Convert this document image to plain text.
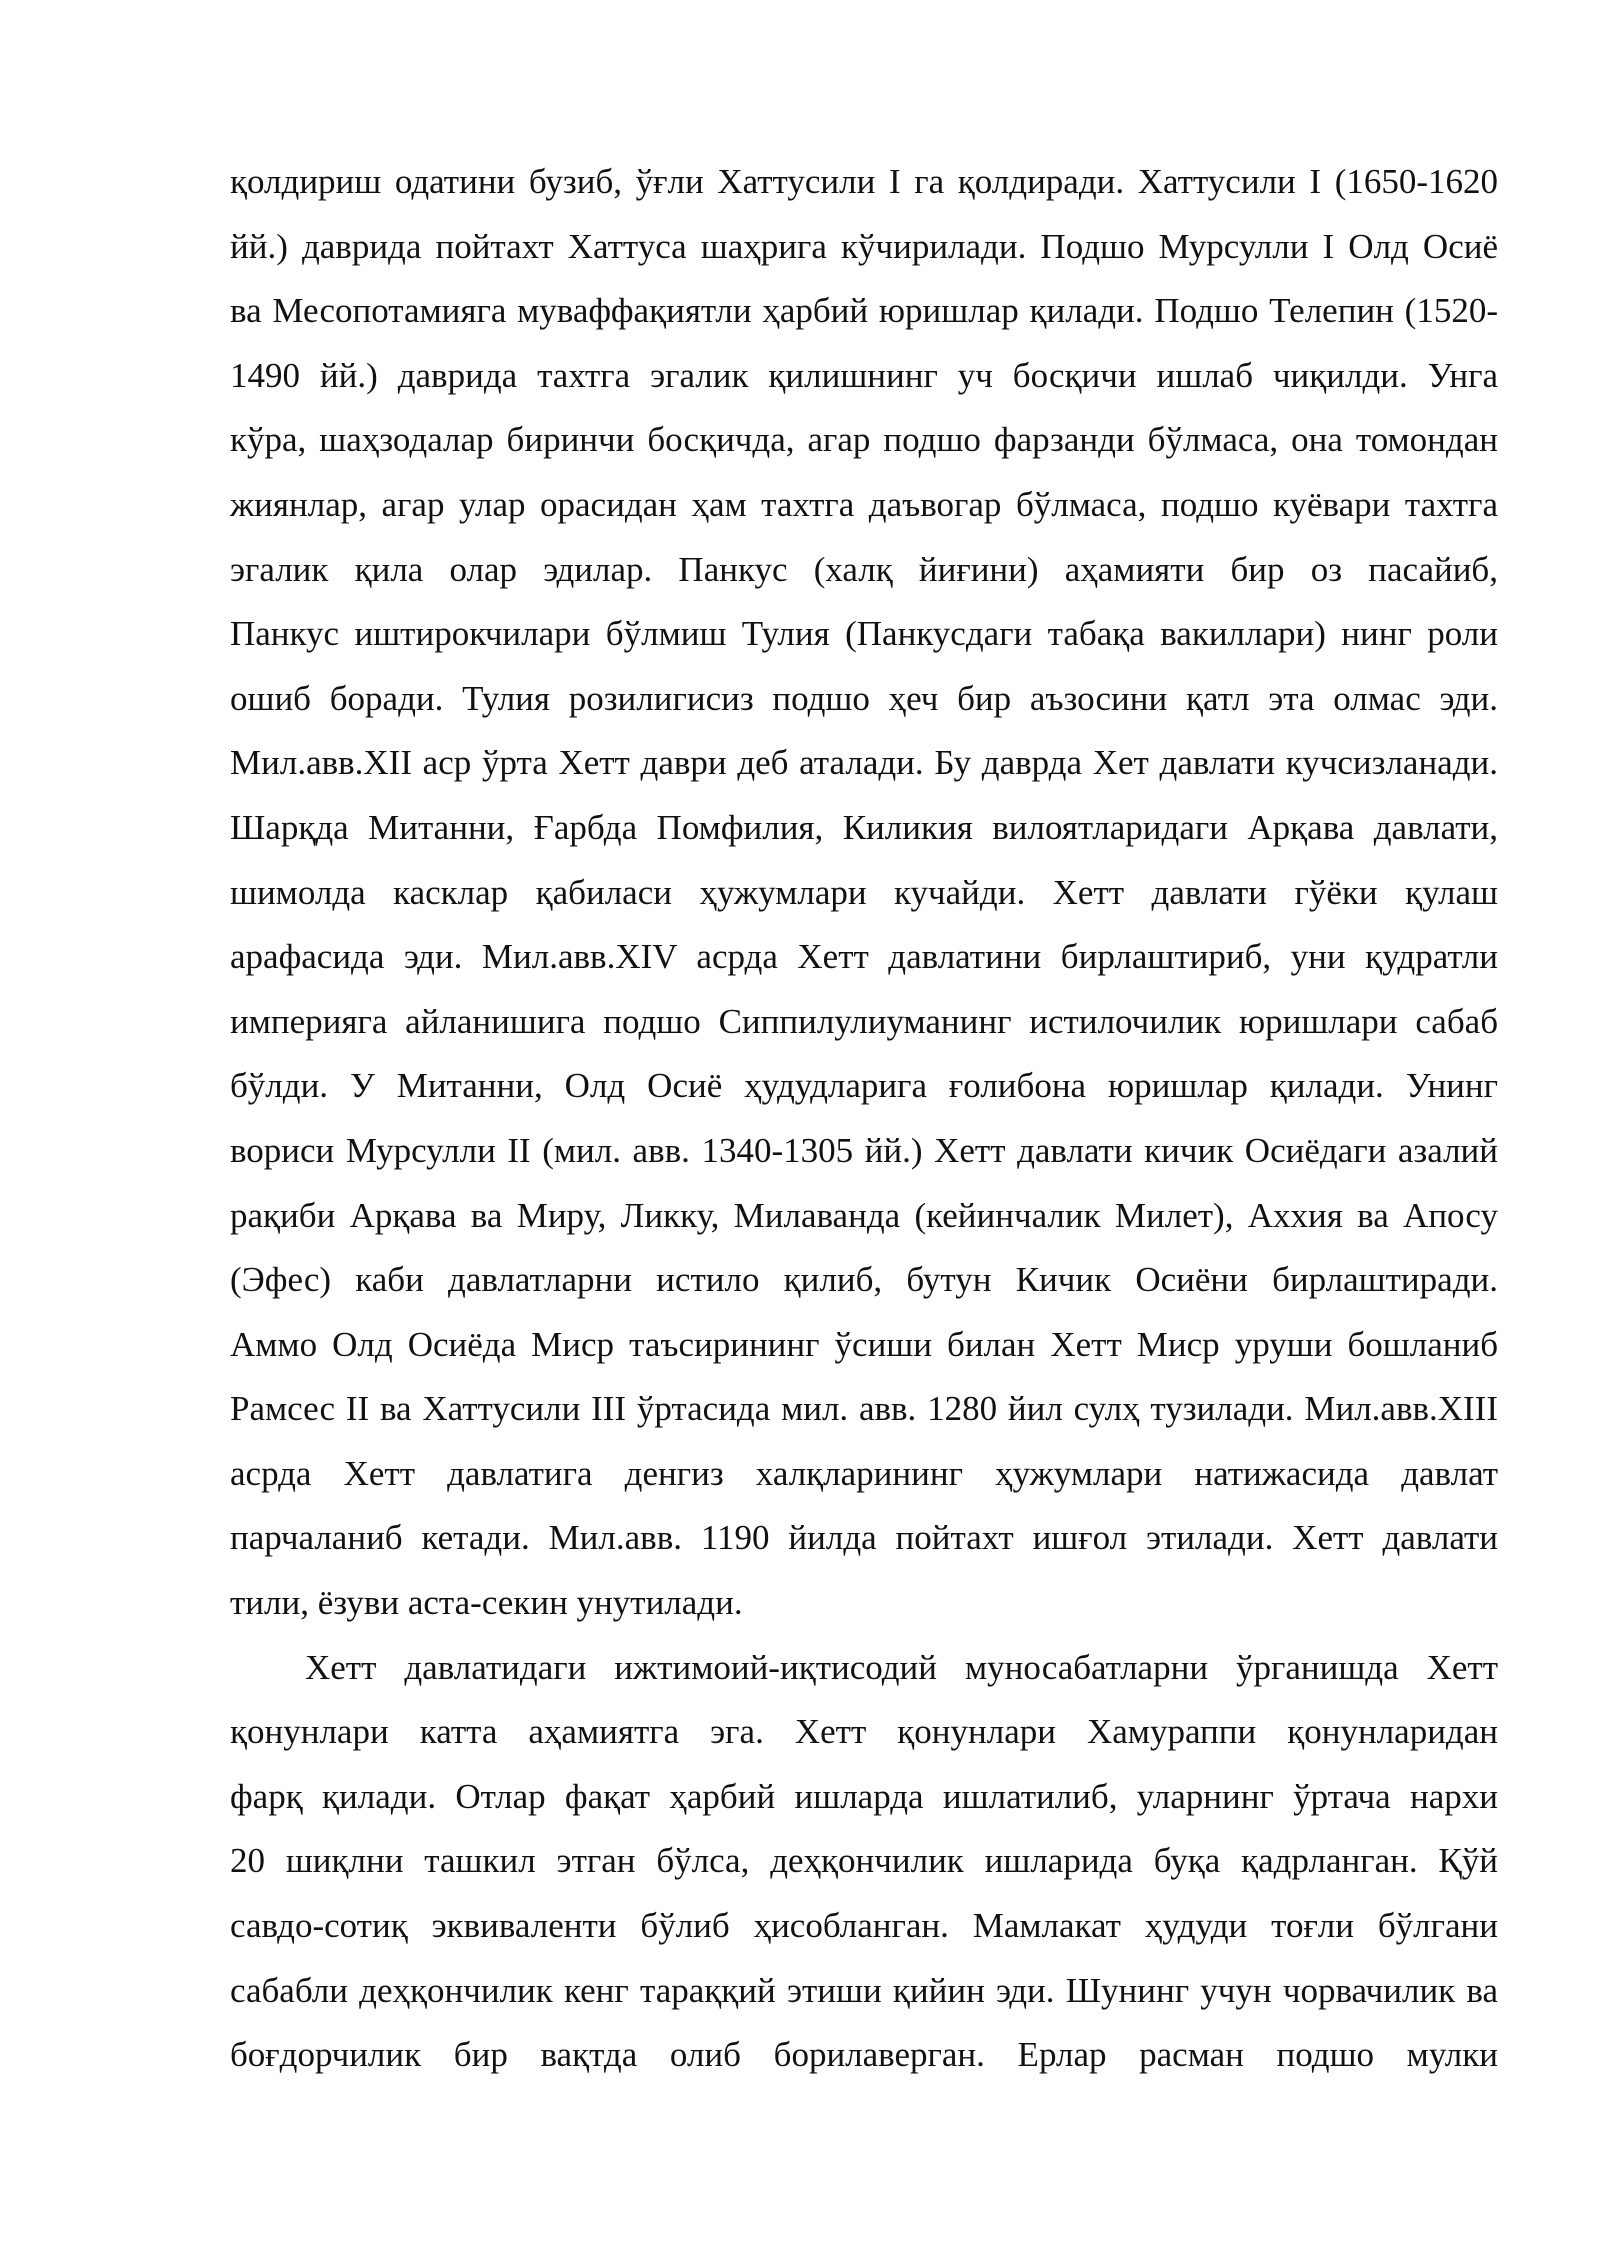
қолдириш одатини бузиб, ўғли Хаттусили I га қолдиради. Хаттусили I (1650-1620
йй.) даврида пойтахт Хаттуса шаҳрига кўчирилади. Подшо Мурсулли I Олд Осиё
ва Месопотамияга муваффақиятли ҳарбий юришлар қилади. Подшо Телепин (1520-
1490 йй.) даврида тахтга эгалик қилишнинг уч босқичи ишлаб чиқилди. Унга
кўра, шаҳзодалар биринчи босқичда, агар подшо фарзанди бўлмаса, она томондан
жиянлар, агар улар орасидан ҳам тахтга даъвогар бўлмаса, подшо куёвари тахтга
эгалик қила олар эдилар. Панкус (халқ йиғини) аҳамияти бир оз пасайиб,
Панкус иштирокчилари бўлмиш Тулия (Панкусдаги табақа вакиллари) нинг роли
ошиб боради. Тулия розилигисиз подшо ҳеч бир аъзосини қатл эта олмас эди.
Мил.авв.XII аср ўрта Хетт даври деб аталади. Бу даврда Хет давлати кучсизланади.
Шарқда Митанни, Ғарбда Помфилия, Киликия вилоятларидаги Арқава давлати,
шимолда касклар қабиласи ҳужумлари кучайди. Хетт давлати гўёки қулаш
арафасида эди. Мил.авв.XIV асрда Хетт давлатини бирлаштириб, уни қудратли
империяга айланишига подшо Сиппилулиуманинг истилочилик юришлари сабаб
бўлди. У Митанни, Олд Осиё ҳудудларига ғолибона юришлар қилади. Унинг
вориси Мурсулли II (мил. авв. 1340-1305 йй.) Хетт давлати кичик Осиёдаги азалий
рақиби Арқава ва Миру, Ликку, Милаванда (кейинчалик Милет), Аххия ва Апосу
(Эфес) каби давлатларни истило қилиб, бутун Кичик Осиёни бирлаштиради.
Аммо Олд Осиёда Миср таъсирининг ўсиши билан Хетт Миср уруши бошланиб
Рамсес II ва Хаттусили III ўртасида мил. авв. 1280 йил сулҳ тузилади. Мил.авв.XIII
асрда Хетт давлатига денгиз халқларининг ҳужумлари натижасида давлат
парчаланиб кетади. Мил.авв. 1190 йилда пойтахт ишғол этилади. Хетт давлати
тили, ёзуви аста-секин унутилади.
Хетт давлатидаги ижтимоий-иқтисодий муносабатларни ўрганишда Хетт
қонунлари катта аҳамиятга эга. Хетт қонунлари Хамураппи қонунларидан
фарқ қилади. Отлар фақат ҳарбий ишларда ишлатилиб, уларнинг ўртача нархи
20 шиқлни ташкил этган бўлса, деҳқончилик ишларида буқа қадрланган. Қўй
савдо-сотиқ эквиваленти бўлиб ҳисобланган. Мамлакат ҳудуди тоғли бўлгани
сабабли деҳқончилик кенг тараққий этиши қийин эди. Шунинг учун чорвачилик ва
боғдорчилик бир вақтда олиб борилаверган. Ерлар расман подшо мулки
